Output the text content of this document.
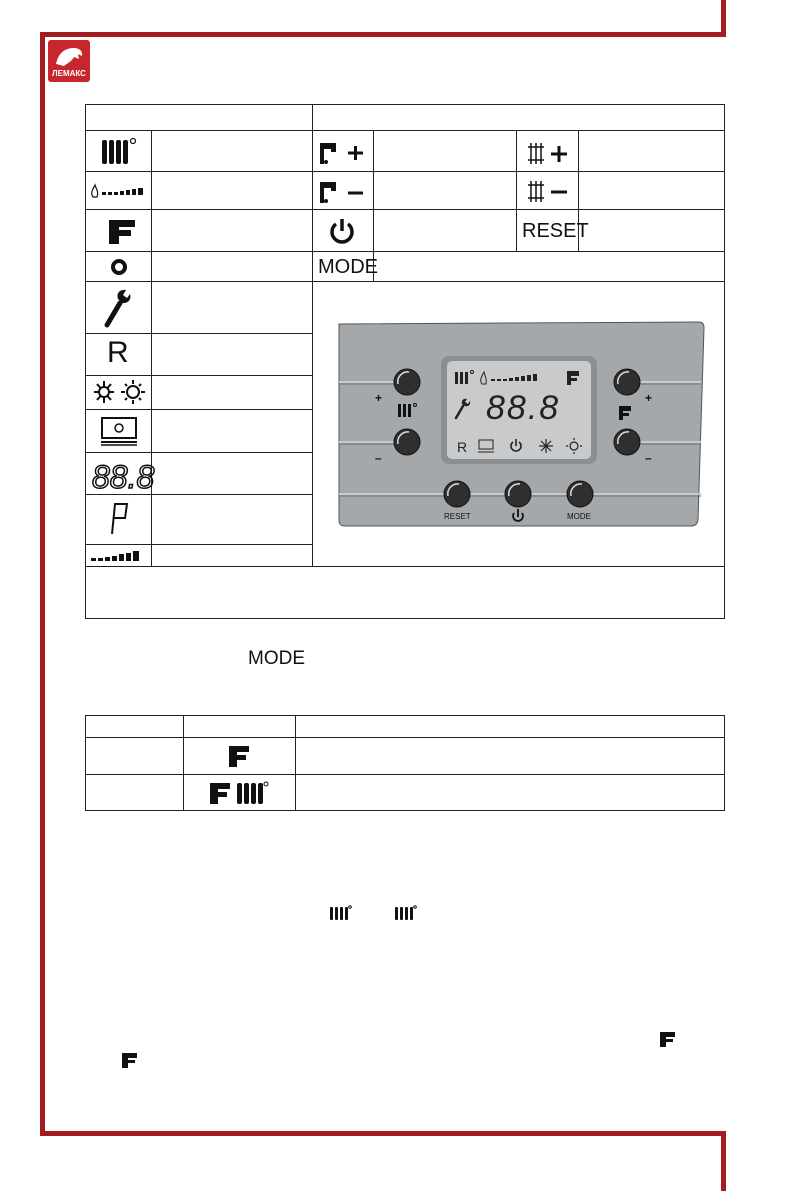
ЛЕМАКС
R
88.8
MODE
RESET
88.8
R
+
–
+
–
RESET	MODE
MODE
